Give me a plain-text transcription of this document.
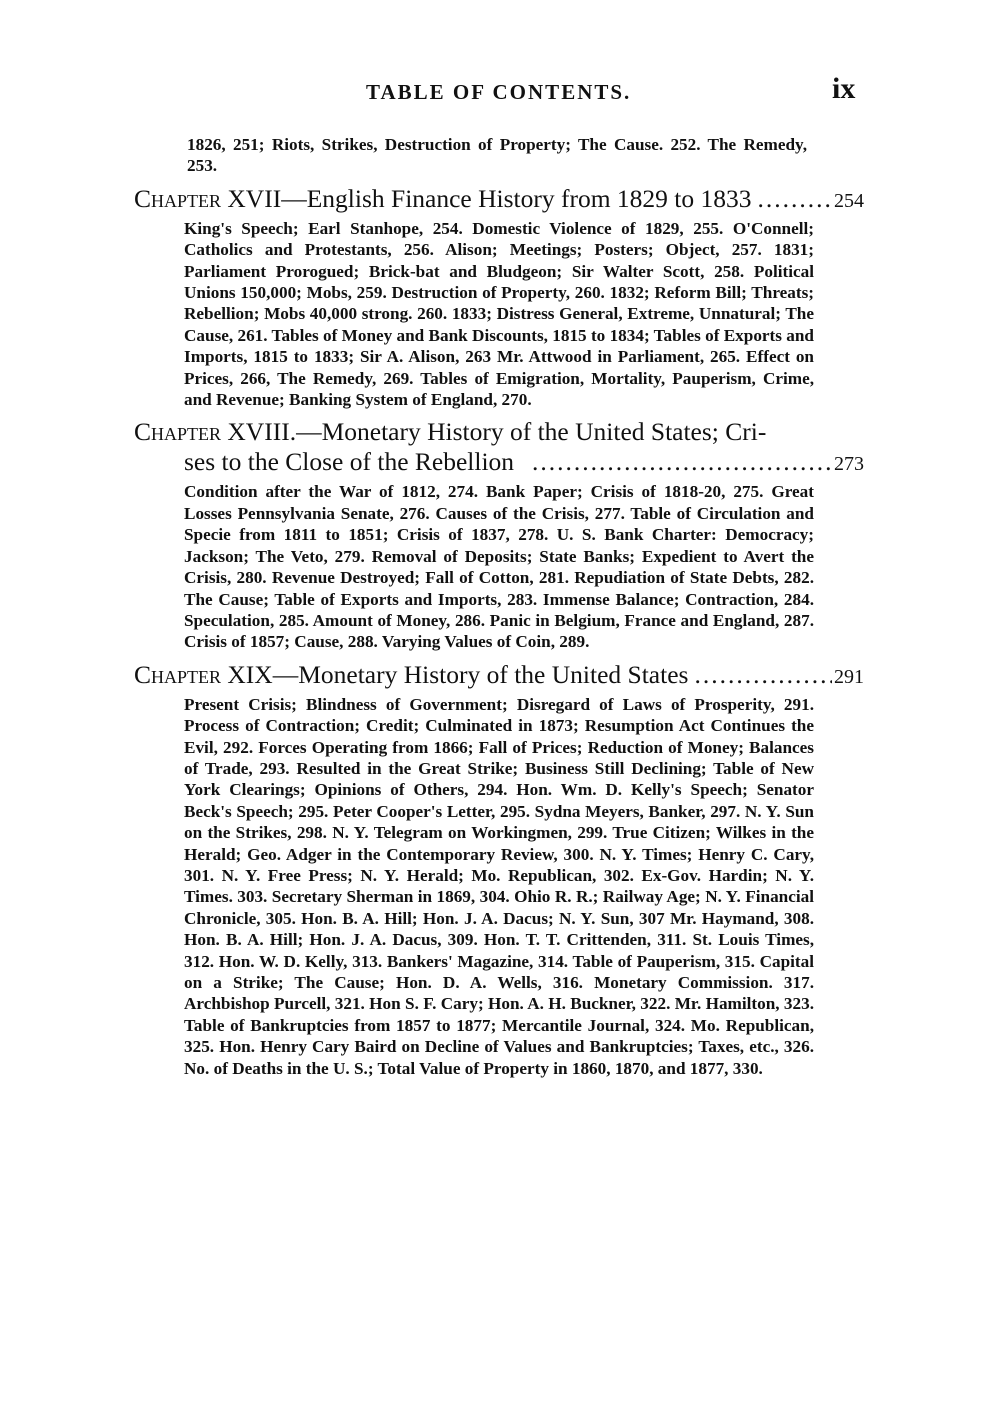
TABLE OF CONTENTS.	ix
1826, 251; Riots, Strikes, Destruction of Property; The Cause. 252. The Remedy, 253.
Chapter XVII—English Finance History from 1829 to 1833 .....	254
King's Speech; Earl Stanhope, 254. Domestic Violence of 1829, 255. O'Connell; Catholics and Protestants, 256. Alison; Meetings; Posters; Object, 257. 1831; Parliament Prorogued; Brick-bat and Bludgeon; Sir Walter Scott, 258. Political Unions 150,000; Mobs, 259. Destruction of Property, 260. 1832; Reform Bill; Threats; Rebellion; Mobs 40,000 strong. 260. 1833; Distress General, Extreme, Unnatural; The Cause, 261. Tables of Money and Bank Discounts, 1815 to 1834; Tables of Exports and Imports, 1815 to 1833; Sir A. Alison, 263 Mr. Attwood in Parliament, 265. Effect on Prices, 266, The Remedy, 269. Tables of Emigration, Mortality, Pauperism, Crime, and Revenue; Banking System of England, 270.
Chapter XVIII.—Monetary History of the United States; Cri-
ses to the Close of the Rebellion .....	273
Condition after the War of 1812, 274. Bank Paper; Crisis of 1818-20, 275. Great Losses Pennsylvania Senate, 276. Causes of the Crisis, 277. Table of Circulation and Specie from 1811 to 1851; Crisis of 1837, 278. U. S. Bank Charter: Democracy; Jackson; The Veto, 279. Removal of Deposits; State Banks; Expedient to Avert the Crisis, 280. Revenue Destroyed; Fall of Cotton, 281. Repudiation of State Debts, 282. The Cause; Table of Exports and Imports, 283. Immense Balance; Contraction, 284. Speculation, 285. Amount of Money, 286. Panic in Belgium, France and England, 287. Crisis of 1857; Cause, 288. Varying Values of Coin, 289.
Chapter XIX—Monetary History of the United States .....	291
Present Crisis; Blindness of Government; Disregard of Laws of Prosperity, 291. Process of Contraction; Credit; Culminated in 1873; Resumption Act Continues the Evil, 292. Forces Operating from 1866; Fall of Prices; Reduction of Money; Balances of Trade, 293. Resulted in the Great Strike; Business Still Declining; Table of New York Clearings; Opinions of Others, 294. Hon. Wm. D. Kelly's Speech; Senator Beck's Speech; 295. Peter Cooper's Letter, 295. Sydna Meyers, Banker, 297. N. Y. Sun on the Strikes, 298. N. Y. Telegram on Workingmen, 299. True Citizen; Wilkes in the Herald; Geo. Adger in the Contemporary Review, 300. N. Y. Times; Henry C. Cary, 301. N. Y. Free Press; N. Y. Herald; Mo. Republican, 302. Ex-Gov. Hardin; N. Y. Times. 303. Secretary Sherman in 1869, 304. Ohio R. R.; Railway Age; N. Y. Financial Chronicle, 305. Hon. B. A. Hill; Hon. J. A. Dacus; N. Y. Sun, 307 Mr. Haymand, 308. Hon. B. A. Hill; Hon. J. A. Dacus, 309. Hon. T. T. Crittenden, 311. St. Louis Times, 312. Hon. W. D. Kelly, 313. Bankers' Magazine, 314. Table of Pauperism, 315. Capital on a Strike; The Cause; Hon. D. A. Wells, 316. Monetary Commission. 317. Archbishop Purcell, 321. Hon S. F. Cary; Hon. A. H. Buckner, 322. Mr. Hamilton, 323. Table of Bankruptcies from 1857 to 1877; Mercantile Journal, 324. Mo. Republican, 325. Hon. Henry Cary Baird on Decline of Values and Bankruptcies; Taxes, etc., 326. No. of Deaths in the U. S.; Total Value of Property in 1860, 1870, and 1877, 330.
